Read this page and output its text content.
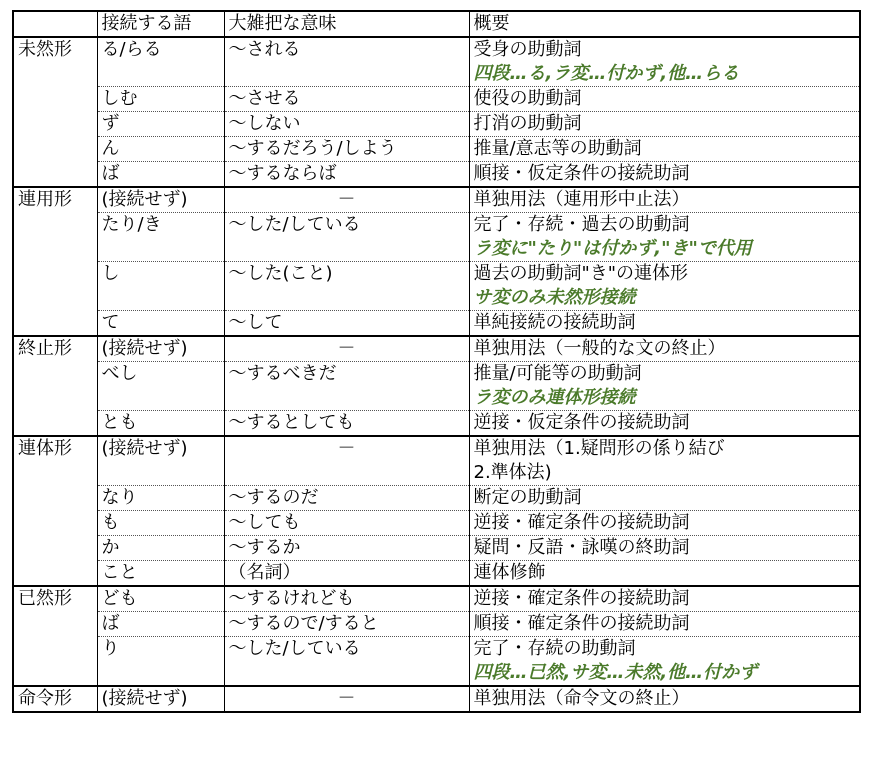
	接続する語	大雑把な意味	概要
未然形	る/らる	～される	受身の助動詞
四段…る,ラ変…付かず,他…らる

	しむ	～させる	使役の助動詞

	ず	～しない	打消の助動詞

	ん	～するだろう/しよう	推量/意志等の助動詞

	ば	～するならば	順接・仮定条件の接続助詞

連用形	(接続せず)	－	単独用法（連用形中止法）

	たり/き	～した/している	完了・存続・過去の助動詞
ラ変に"たり"は付かず,"き"で代用

	し	～した(こと)	過去の助動詞"き"の連体形
サ変のみ未然形接続

	て	～して	単純接続の接続助詞

終止形	(接続せず)	－	単独用法（一般的な文の終止）

	べし	～するべきだ	推量/可能等の助動詞
ラ変のみ連体形接続

	とも	～するとしても	逆接・仮定条件の接続助詞

連体形	(接続せず)	－	単独用法（1.疑問形の係り結び
2.準体法)

	なり	～するのだ	断定の助動詞

	も	～しても	逆接・確定条件の接続助詞

	か	～するか	疑問・反語・詠嘆の終助詞

	こと	（名詞）	連体修飾

已然形	ども	～するけれども	逆接・確定条件の接続助詞

	ば	～するので/すると	順接・確定条件の接続助詞

	り	～した/している	完了・存続の助動詞
四段…已然,サ変…未然,他…付かず

命令形	(接続せず)	－	単独用法（命令文の終止）
